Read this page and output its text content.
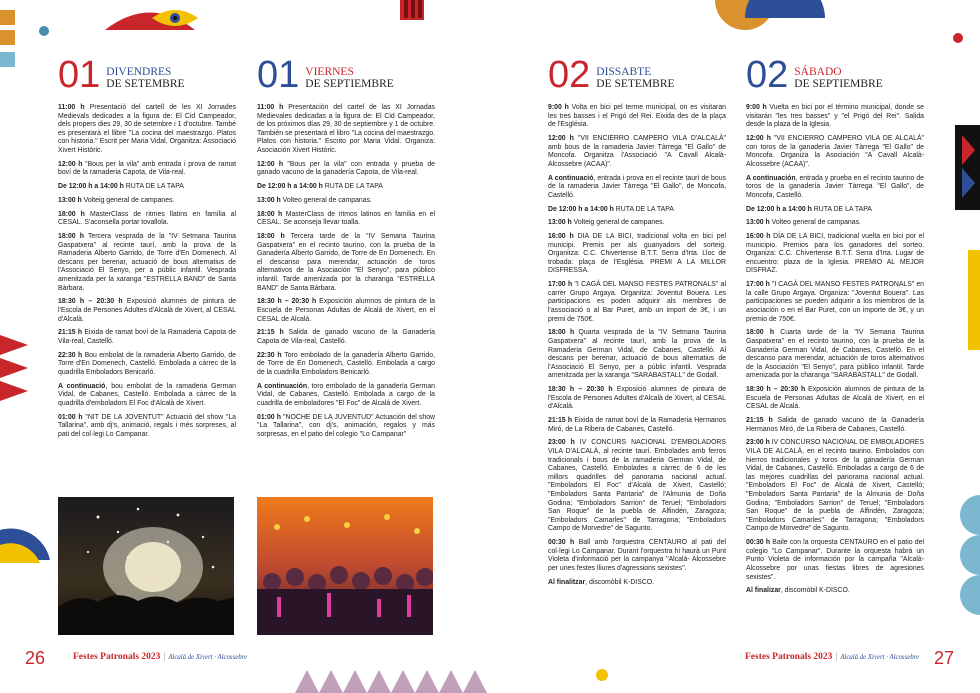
01 DIVENDRES
DE SETEMBRE

11:00 h Presentació del cartell de les XI Jornades Medievals dedicades a la figura de: El Cid Campeador, dels propers dies 29, 30 de setembre i 1 d'octubre. També es presentarà el llibre "La cocina del maestrazgo. Platos con historia." Escrit per Maria Vidal. Organitza: Associació Xivert Històric.

12:00 h "Bous per la vila" amb entrada i prova de ramat boví de la ramaderia Capota, de Vila-real.

De 12:00 h a 14:00 h RUTA DE LA TAPA

13:00 h Volteig general de campanes.

18:00 h MasterClass de ritmes llatins en família al CESAL. S'aconsella portar tovallola.

18:00 h Tercera vesprada de la "IV Setmana Taurina Gaspatxera" al recinte taurí, amb la prova de la Ramaderia Alberto Garrido, de Torre d'En Domenech. Al descans per berenar, actuació de bous alternatius de l'Associació El Senyo, per a públic infantil. Vesprada amenitzada per la xaranga "ESTRELLA BAND" de Santa Bàrbara.

18:30 h – 20:30 h Exposició alumnes de pintura de l'Escola de Persones Adultes d'Alcalà de Xivert, al CESAL d'Alcalà.

21:15 h Eixida de ramat boví de la Ramaderia Capota de Vila-real, Castelló.

22:30 h Bou embolat de la ramaderia Alberto Garrido, de Torre d'En Domenech, Castelló. Embolada a càrrec de la quadrilla Emboladors Benicarló.

A continuació, bou embolat de la ramaderia German Vidal, de Cabanes, Castelló. Embolada a càrrec de la quadrilla d'emboladors El Foc d'Alcalà de Xivert.

01:00 h "NIT DE LA JOVENTUT" Actuació del show "La Tallarina", amb dj's, animació, regals i més sorpreses, al pati del col·legi Lo Campanar.

01 VIERNES
DE SEPTIEMBRE

11:00 h Presentación del cartel de las XI Jornadas Medievales dedicadas a la figura de: El Cid Campeador, de los próximos días 29, 30 de septiembre y 1 de octubre. También se presentará el libro "La cocina del maestrazgo. Platos con historia." Escrito por Maria Vidal. Organiza: Asociación Xivert Històric.

12:00 h "Bous per la vila" con entrada y prueba de ganado vacuno de la ganadería Capota, de Vila-real.

De 12:00 h a 14:00 h RUTA DE LA TAPA

13:00 h Volteo general de campanas.

18:00 h MasterClass de ritmos latinos en familia en el CESAL. Se aconseja llevar toalla.

18:00 h Tercera tarde de la "IV Semana Taurina Gaspatxera" en el recinto taurino, con la prueba de la Ganadería Alberto Garrido, de Torre de En Domenech. En el descanso para merendar, actuación de toros alternativos de la Asociación "El Senyo", para público infantil. Tarde amenizada por la charanga "ESTRELLA BAND" de Santa Bárbara.

18:30 h – 20:30 h Exposición alumnos de pintura de la Escuela de Personas Adultas de Alcalá de Xivert, en el CESAL de Alcalá.

21:15 h Salida de ganado vacuno de la Ganadería Capota de Vila-real, Castelló.

22:30 h Toro embolado de la ganadería Alberto Garrido, de Torre de En Domenech, Castelló. Embolada a cargo de la cuadrilla Emboladors Benicarló.

A continuación, toro embolado de la ganadería German Vidal, de Cabanes, Castelló. Embolada a cargo de la cuadrilla de emboladores "El Foc" de Alcalá de Xivert.

01:00 h "NOCHE DE LA JUVENTUD" Actuación del show "La Tallarina", con dj's, animación, regalos y más sorpresas, en el patio del colegio "Lo Campanar"

02 DISSABTE
DE SETEMBRE

9:00 h Volta en bici pel terme municipal, on es visitaran les tres basses i el Prigó del Rei. Eixida des de la plaça de l'Església.

12:00 h "VII ENCIERRO CAMPERO VILA D'ALCALÀ" amb bous de la ramaderia Javier Tàrrega "El Gallo" de Moncofa. Organitza l'Associació "A Cavall Alcalà-Alcossebre (ACAA)".

A continuació, entrada i prova en el recinte taurí de bous de la ramaderia Javier Tàrrega "El Gallo", de Moncofa, Castelló.

De 12:00 h a 14:00 h RUTA DE LA TAPA

13:00 h Volteig general de campanes.

16:00 h DIA DE LA BICI, tradicional volta en bici pel municipi. Premis per als guanyadors del sorteig. Organitza: C.C. Chivertense B.T.T. Serra d'Irta. Lloc de trobada: plaça de l'Església. PREMI A LA MILLOR DISFRESSA.

17:00 h "I CAGÀ DEL MANSO FESTES PATRONALS" al carrer Grupo Argaya. Organitza: Joventut Bouera. Les participacions es poden adquirir als membres de l'associació o al Bar Puret, amb un import de 3€, i un premi de 750€.

18:00 h Quarta vesprada de la "IV Setmana Taurina Gaspatxera" al recinte taurí, amb la prova de la Ramaderia German Vidal, de Cabanes, Castelló. Al descans per berenar, actuació de bous alternatius de l'Associació El Senyo, per a públic infantil. Vesprada amenitzada per la xaranga "SARABASTALL" de Godall.

18:30 h – 20:30 h Exposició alumnes de pintura de l'Escola de Persones Adultes d'Alcalà de Xivert, al CESAL d'Alcalà.

21:15 h Eixida de ramat boví de la Ramaderia Hermanos Miró, de La Ribera de Cabanes, Castelló.

23:00 h IV CONCURS NACIONAL D'EMBOLADORS VILA D'ALCALÀ, al recinte taurí. Embolades amb ferros tradicionals i bous de la ramaderia German Vidal, de Cabanes, Castelló. Embolades a càrrec de 6 de les millors quadrilles del panorama nacional actual. "Emboladors El Foc" d'Alcalà de Xivert, Castelló; "Emboladors Santa Pantaria" de l'Almunia de Doña Godina; "Emboladors Sarrion" de Teruel; "Emboladors San Roque" de la puebla de Alfindén, Zaragoza; "Emboladors Camarles" de Tarragona; "Emboladors Campo de Morvedre" de Sagunto.

00:30 h Ball amb l'orquestra CENTAURO al pati del col·legi Lo Campanar. Durant l'orquestra hi haurà un Punt Violeta d'informació per la campanya "Alcalà- Alcossebre per unes festes lliures d'agressions sexistes".

Al finalitzar, discomòbil K-DISCO.

02 SÁBADO
DE SEPTIEMBRE

9:00 h Vuelta en bici por el término municipal, donde se visitarán "les tres basses" y "el Prigó del Rei". Salida desde la plaza de la Iglesia.

12:00 h "VII ENCIERRO CAMPERO VILA DE ALCALÁ" con toros de la ganadería Javier Tàrrega "El Gallo" de Moncofa. Organiza la Asociación "A Cavall Alcalà-Alcossebre (ACAA)".

A continuación, entrada y prueba en el recinto taurino de toros de la ganadería Javier Tàrrega "El Gallo", de Moncofa, Castelló.

De 12:00 h a 14:00 h RUTA DE LA TAPA

13:00 h Volteo general de campanas.

16:00 h DÍA DE LA BICI, tradicional vuelta en bici por el municipio. Premios para los ganadores del sorteo. Organiza: C.C. Chivertense B.T.T. Serra d'Irta. Lugar de encuentro: plaza de la Iglesia. PREMIO AL MEJOR DISFRAZ.

17:00 h "I CAGÀ DEL MANSO FESTES PATRONALS" en la calle Grupo Argaya. Organiza: "Joventut Bouera". Las participaciones se pueden adquirir a los miembros de la asociación o en el Bar Puret, con un importe de 3€, y un premio de 750€.

18:00 h Cuarta tarde de la "IV Semana Taurina Gaspatxera" en el recinto taurino, con la prueba de la Ganadería German Vidal, de Cabanes, Castelló. En el descanso para merendar, actuación de toros alternativos de la Asociación "El Senyo", para público infantil. Tarde amenizada por la charanga "SARABASTALL" de Godall.

18:30 h – 20:30 h Exposición alumnos de pintura de la Escuela de Personas Adultas de Alcalá de Xivert, en el CESAL de Alcalá.

21:15 h Salida de ganado vacuno de la Ganadería Hermanos Miró, de La Ribera de Cabanes, Castelló.

23:00 h IV CONCURSO NACIONAL DE EMBOLADORES VILA DE ALCALÁ, en el recinto taurino. Embolados con hierros tradicionales y toros de la ganadería German Vidal, de Cabanes, Castelló. Emboladas a cargo de 6 de las mejores cuadrillas del panorama nacional actual. "Emboladors El Foc" de Alcalá de Xivert, Castelló; "Emboladors Santa Pantaria" de la Almunia de Doña Godina; "Emboladors Sarrion" de Teruel; "Emboladors San Roque" de la puebla de Alfindén, Zaragoza; "Emboladors Camarles" de Tarragona; "Emboladors Campo de Morvedre" de Sagunto.

00:30 h Baile con la orquesta CENTAURO en el patio del colegio "Lo Campanar". Durante la orquesta habrá un Punto Violeta de información por la campaña "Alcalà- Alcossebre por unas fiestas libres de agresiones sexistes".

Al finalizar, discomòbil K-DISCO.

26	Festes Patronals 2023 | Alcalà de Xivert · Alcossebre	Festes Patronals 2023 | Alcalà de Xivert · Alcossebre 27
